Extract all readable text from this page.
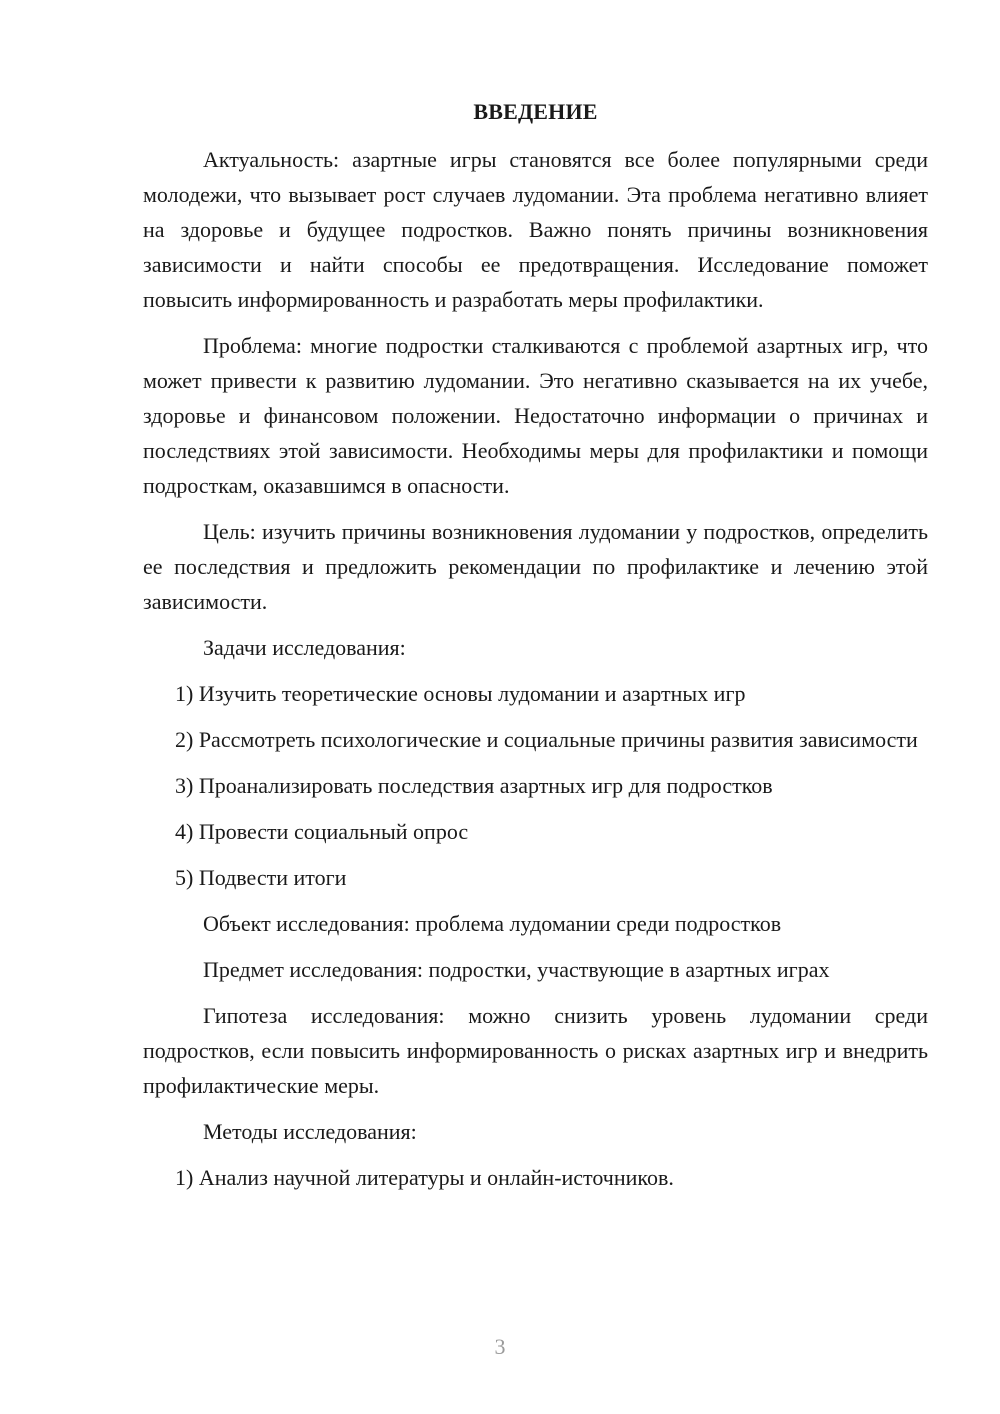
ВВЕДЕНИЕ

Актуальность: азартные игры становятся все более популярными среди молодежи, что вызывает рост случаев лудомании. Эта проблема негативно влияет на здоровье и будущее подростков. Важно понять причины возникновения зависимости и найти способы ее предотвращения. Исследование поможет повысить информированность и разработать меры профилактики.

Проблема: многие подростки сталкиваются с проблемой азартных игр, что может привести к развитию лудомании. Это негативно сказывается на их учебе, здоровье и финансовом положении. Недостаточно информации о причинах и последствиях этой зависимости. Необходимы меры для профилактики и помощи подросткам, оказавшимся в опасности.

Цель: изучить причины возникновения лудомании у подростков, определить ее последствия и предложить рекомендации по профилактике и лечению этой зависимости.

Задачи исследования:

1) Изучить теоретические основы лудомании и азартных игр

2) Рассмотреть психологические и социальные причины развития зависимости

3) Проанализировать последствия азартных игр для подростков

4) Провести социальный опрос

5) Подвести итоги

Объект исследования: проблема лудомании среди подростков

Предмет исследования: подростки, участвующие в азартных играх

Гипотеза исследования: можно снизить уровень лудомании среди подростков, если повысить информированность о рисках азартных игр и внедрить профилактические меры.

Методы исследования:

1) Анализ научной литературы и онлайн-источников.

3
